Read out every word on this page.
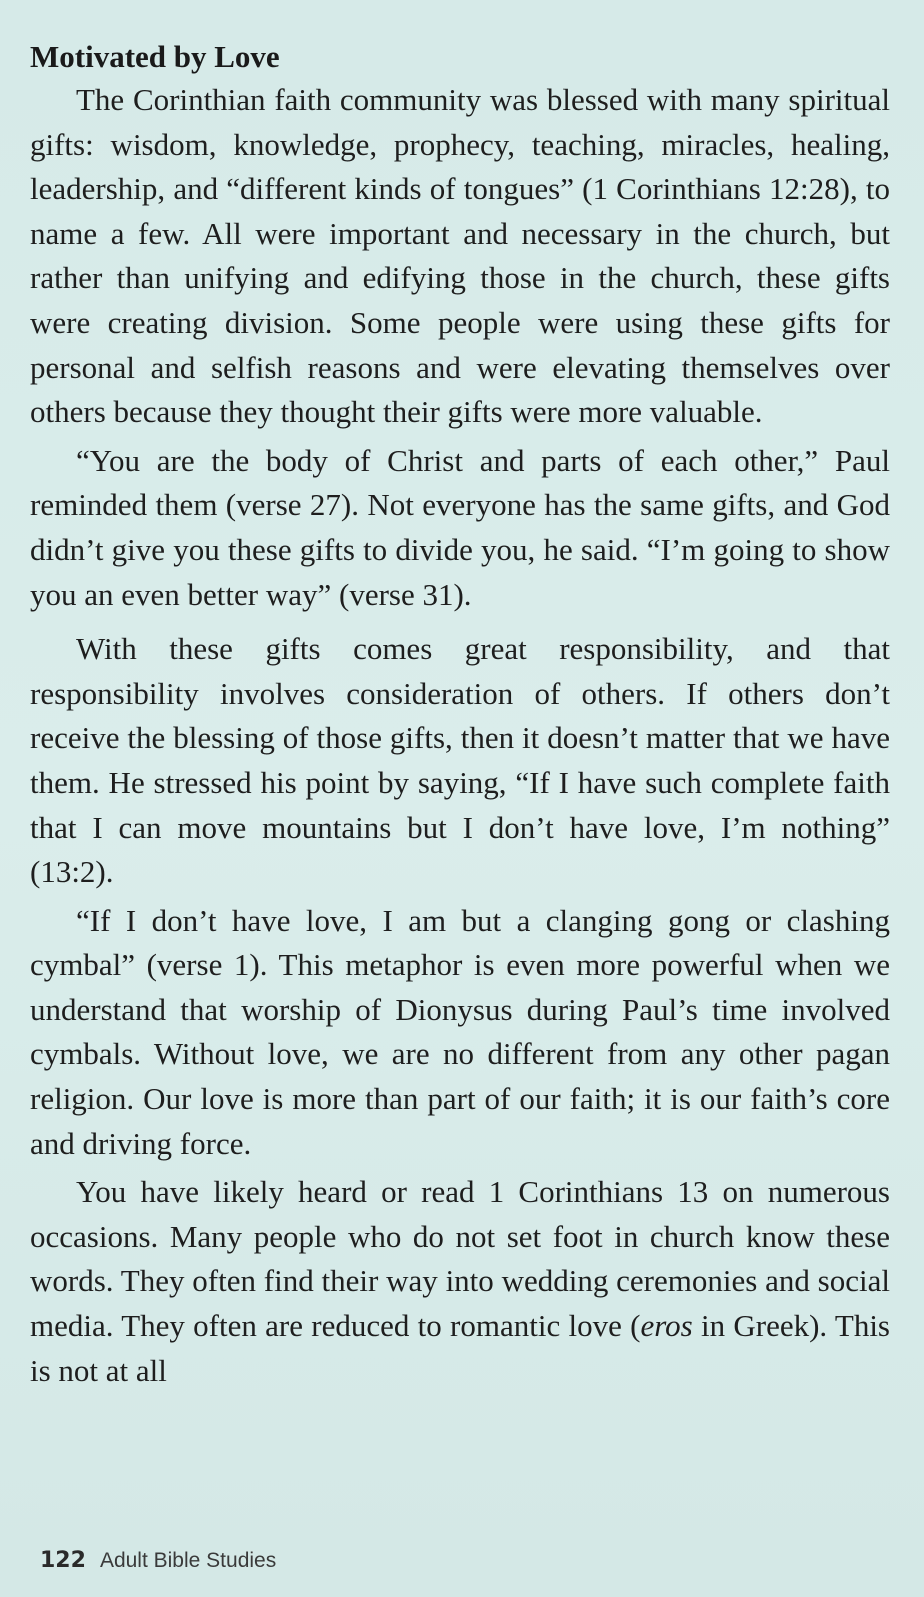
Motivated by Love

The Corinthian faith community was blessed with many spiritual gifts: wisdom, knowledge, prophecy, teaching, miracles, healing, leadership, and “different kinds of tongues” (1 Corinthians 12:28), to name a few. All were important and necessary in the church, but rather than unifying and edifying those in the church, these gifts were creating division. Some people were using these gifts for personal and selfish reasons and were elevating themselves over others because they thought their gifts were more valuable.

“You are the body of Christ and parts of each other,” Paul reminded them (verse 27). Not everyone has the same gifts, and God didn’t give you these gifts to divide you, he said. “I’m going to show you an even better way” (verse 31).

With these gifts comes great responsibility, and that responsibility involves consideration of others. If others don’t receive the blessing of those gifts, then it doesn’t matter that we have them. He stressed his point by saying, “If I have such complete faith that I can move mountains but I don’t have love, I’m nothing” (13:2).

“If I don’t have love, I am but a clanging gong or clashing cymbal” (verse 1). This metaphor is even more powerful when we understand that worship of Dionysus during Paul’s time involved cymbals. Without love, we are no different from any other pagan religion. Our love is more than part of our faith; it is our faith’s core and driving force.

You have likely heard or read 1 Corinthians 13 on numerous occasions. Many people who do not set foot in church know these words. They often find their way into wedding ceremonies and social media. They often are reduced to romantic love (eros in Greek). This is not at all

122 Adult Bible Studies
